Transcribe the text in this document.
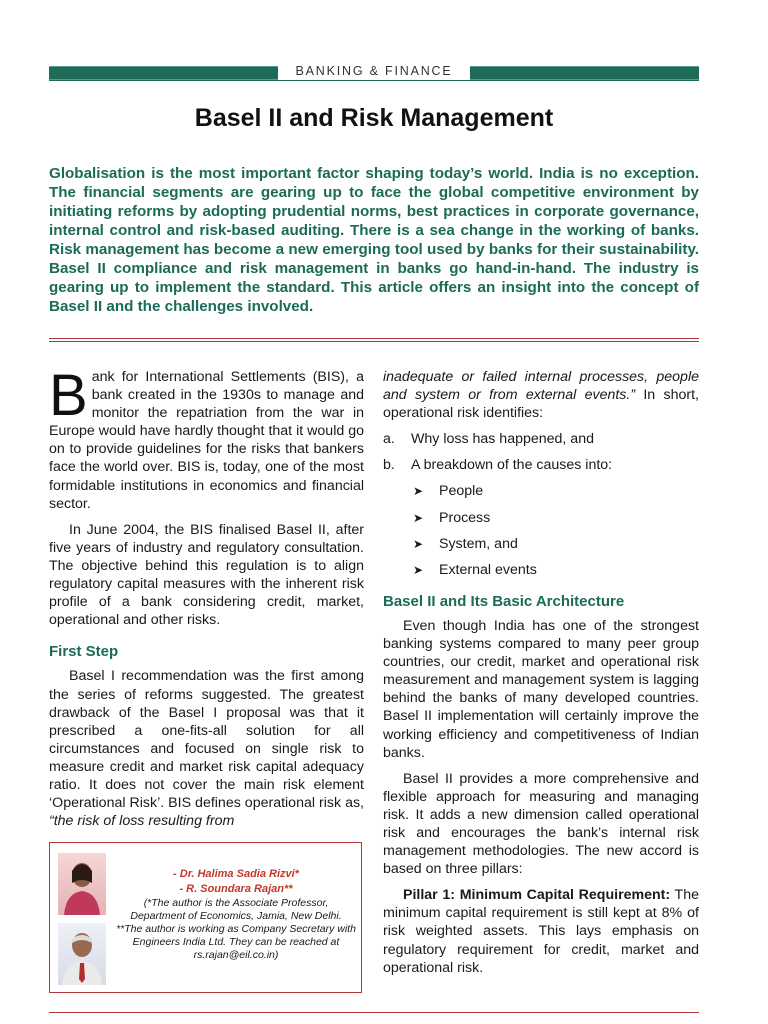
BANKING & FINANCE
Basel II and Risk Management

Globalisation is the most important factor shaping today’s world. India is no exception. The financial segments are gearing up to face the global competitive environment by initiating reforms by adopting prudential norms, best practices in corporate governance, internal control and risk-based auditing. There is a sea change in the working of banks. Risk management has become a new emerging tool used by banks for their sustainability. Basel II compliance and risk management in banks go hand-in-hand. The industry is gearing up to implement the standard. This article offers an insight into the concept of Basel II and the challenges involved.

Bank for International Settlements (BIS), a bank created in the 1930s to manage and monitor the repatriation from the war in Europe would have hardly thought that it would go on to provide guidelines for the risks that bankers face the world over. BIS is, today, one of the most formidable institutions in economics and financial sector.

In June 2004, the BIS finalised Basel II, after five years of industry and regulatory consultation. The objective behind this regulation is to align regulatory capital measures with the inherent risk profile of a bank considering credit, market, operational and other risks.

First Step

Basel I recommendation was the first among the series of reforms suggested. The greatest drawback of the Basel I proposal was that it prescribed a one-fits-all solution for all circumstances and focused on single risk to measure credit and market risk capital adequacy ratio. It does not cover the main risk element ‘Operational Risk’. BIS defines operational risk as, “the risk of loss resulting from

- Dr. Halima Sadia Rizvi*
- R. Soundara Rajan**
(*The author is the Associate Professor, Department of Economics, Jamia, New Delhi.
**The author is working as Company Secretary with Engineers India Ltd. They can be reached at rs.rajan@eil.co.in)

inadequate or failed internal processes, people and system or from external events.” In short, operational risk identifies:

a. Why loss has happened, and
b. A breakdown of the causes into:
➤ People
➤ Process
➤ System, and
➤ External events
Basel II and Its Basic Architecture

Even though India has one of the strongest banking systems compared to many peer group countries, our credit, market and operational risk measurement and management system is lagging behind the banks of many developed countries. Basel II implementation will certainly improve the working efficiency and competitiveness of Indian banks.

Basel II provides a more comprehensive and flexible approach for measuring and managing risk. It adds a new dimension called operational risk and encourages the bank’s internal risk management methodologies. The new accord is based on three pillars:

Pillar 1: Minimum Capital Requirement: The minimum capital requirement is still kept at 8% of risk weighted assets. This lays emphasis on regulatory requirement for credit, market and operational risk.
